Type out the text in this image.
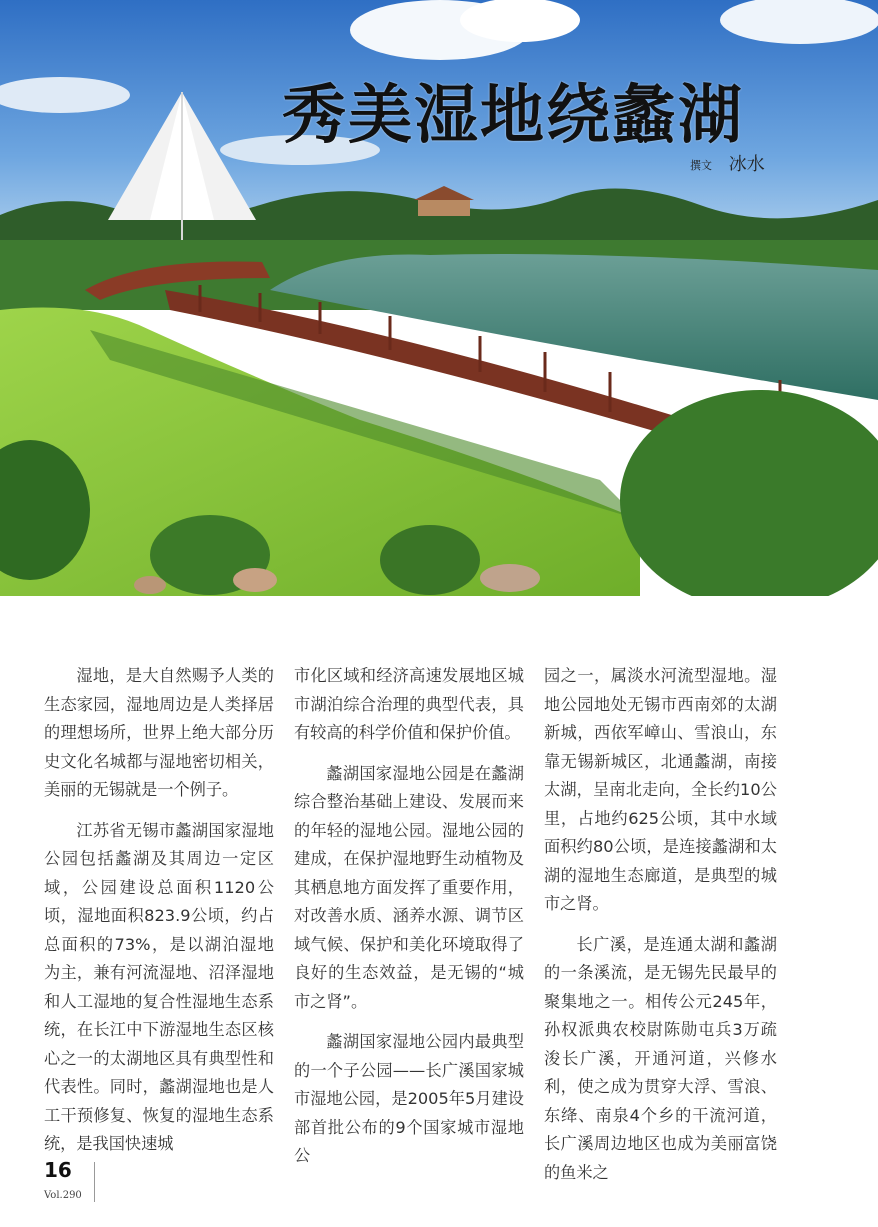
秀美湿地绕蠡湖
撰文 冰水

湿地，是大自然赐予人类的生态家园，湿地周边是人类择居的理想场所，世界上绝大部分历史文化名城都与湿地密切相关，美丽的无锡就是一个例子。

江苏省无锡市蠡湖国家湿地公园包括蠡湖及其周边一定区域，公园建设总面积1120公顷，湿地面积823.9公顷，约占总面积的73%，是以湖泊湿地为主，兼有河流湿地、沼泽湿地和人工湿地的复合性湿地生态系统，在长江中下游湿地生态区核心之一的太湖地区具有典型性和代表性。同时，蠡湖湿地也是人工干预修复、恢复的湿地生态系统，是我国快速城

市化区域和经济高速发展地区城市湖泊综合治理的典型代表，具有较高的科学价值和保护价值。

蠡湖国家湿地公园是在蠡湖综合整治基础上建设、发展而来的年轻的湿地公园。湿地公园的建成，在保护湿地野生动植物及其栖息地方面发挥了重要作用，对改善水质、涵养水源、调节区域气候、保护和美化环境取得了良好的生态效益，是无锡的“城市之肾”。

蠡湖国家湿地公园内最典型的一个子公园——长广溪国家城市湿地公园，是2005年5月建设部首批公布的9个国家城市湿地公

园之一，属淡水河流型湿地。湿地公园地处无锡市西南郊的太湖新城，西依军嶂山、雪浪山，东靠无锡新城区，北通蠡湖，南接太湖，呈南北走向，全长约10公里，占地约625公顷，其中水域面积约80公顷，是连接蠡湖和太湖的湿地生态廊道，是典型的城市之肾。

长广溪，是连通太湖和蠡湖的一条溪流，是无锡先民最早的聚集地之一。相传公元245年，孙权派典农校尉陈勋屯兵3万疏浚长广溪，开通河道，兴修水利，使之成为贯穿大浮、雪浪、东绛、南泉4个乡的干流河道，长广溪周边地区也成为美丽富饶的鱼米之

16
Vol.290
